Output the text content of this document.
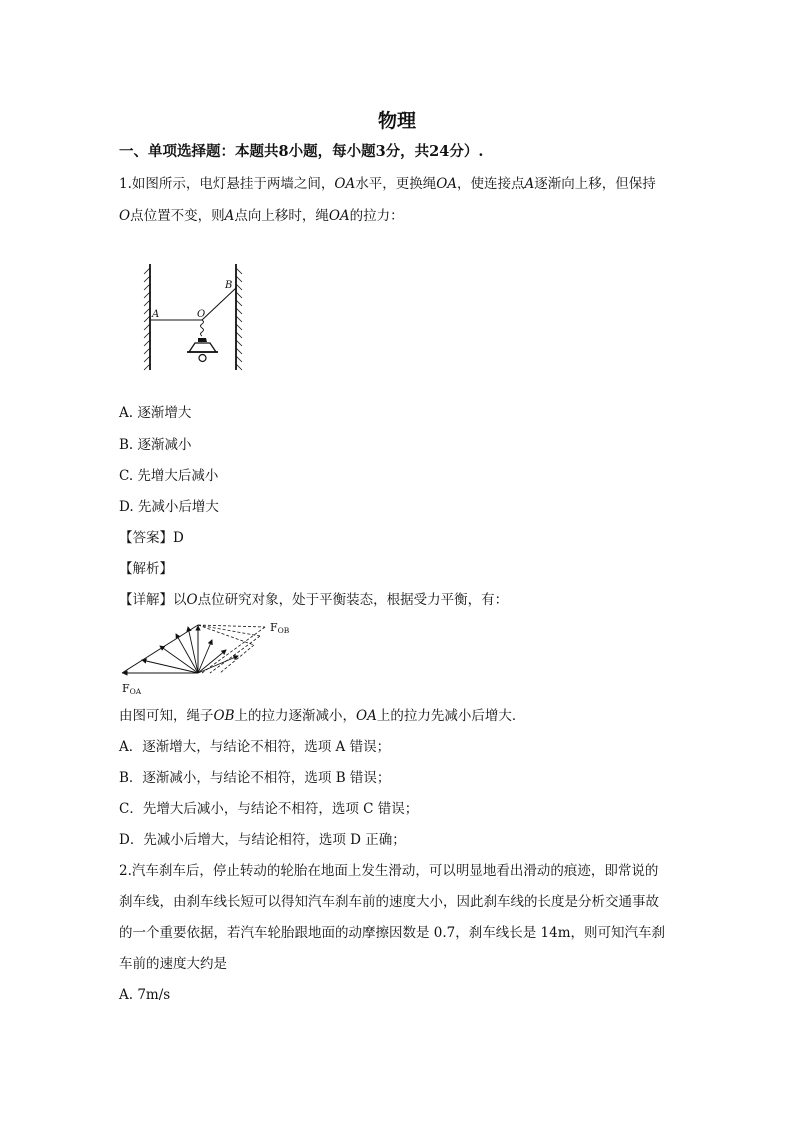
物理
一、单项选择题：本题共8小题，每小题3分，共24分）.
1.如图所示，电灯悬挂于两墙之间，OA水平，更换绳OA，使连接点A逐渐向上移，但保持
O点位置不变，则A点向上移时，绳OA的拉力：
A
B
O
A. 逐渐增大
B. 逐渐减小
C. 先增大后减小
D. 先减小后增大
【答案】D
【解析】
【详解】以O点位研究对象，处于平衡装态，根据受力平衡，有：
FOB
FOA
由图可知，绳子OB上的拉力逐渐减小，OA上的拉力先减小后增大．
A．逐渐增大，与结论不相符，选项 A 错误；
B．逐渐减小，与结论不相符，选项 B 错误；
C．先增大后减小，与结论不相符，选项 C 错误；
D．先减小后增大，与结论相符，选项 D 正确；
2.汽车刹车后，停止转动的轮胎在地面上发生滑动，可以明显地看出滑动的痕迹，即常说的
刹车线，由刹车线长短可以得知汽车刹车前的速度大小，因此刹车线的长度是分析交通事故
的一个重要依据，若汽车轮胎跟地面的动摩擦因数是 0.7，刹车线长是 14m，则可知汽车刹
车前的速度大约是
A. 7m/s
